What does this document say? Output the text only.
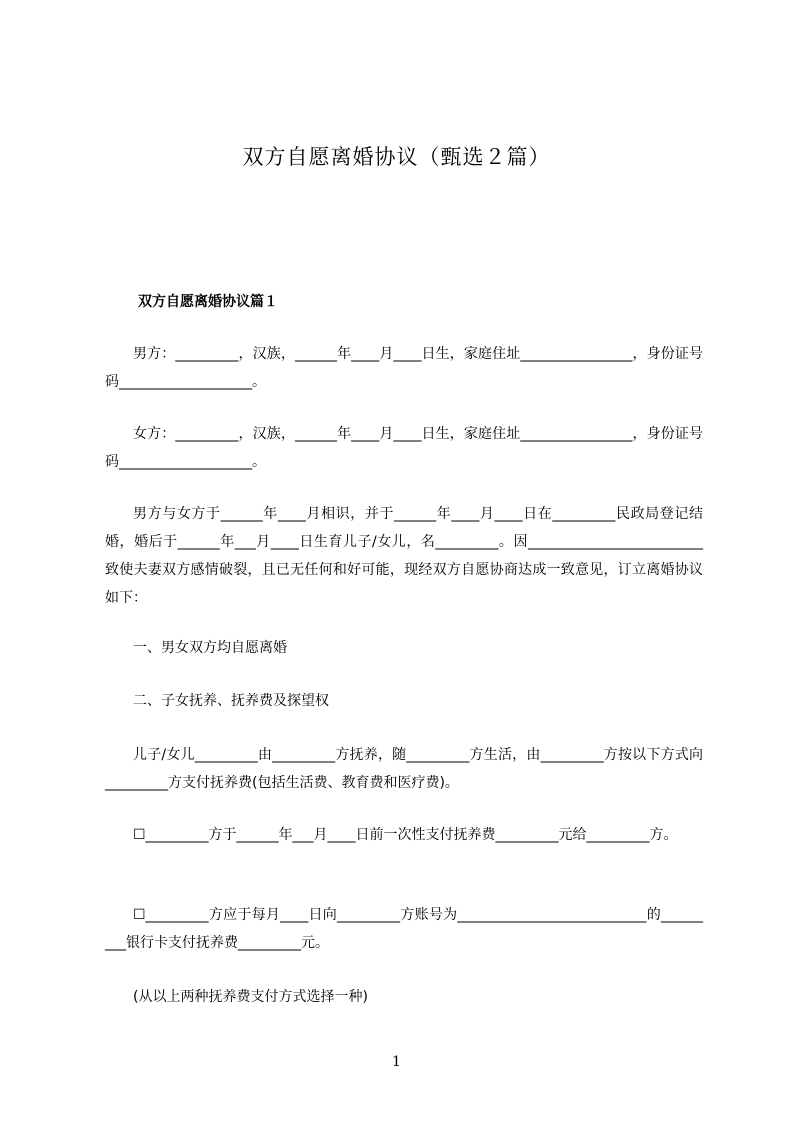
双方自愿离婚协议（甄选２篇）
双方自愿离婚协议篇１
男方：_________，汉族，______年____月____日生，家庭住址________________，身份证号码___________________。
女方：_________，汉族，______年____月____日生，家庭住址________________，身份证号码___________________。
男方与女方于______年____月相识，并于______年____月____日在_________民政局登记结婚，婚后于______年___月____日生育儿子/女儿，名_________。因_________________________致使夫妻双方感情破裂，且已无任何和好可能，现经双方自愿协商达成一致意见，订立离婚协议如下：
一、男女双方均自愿离婚
二、子女抚养、抚养费及探望权
儿子/女儿_________由_________方抚养，随_________方生活，由_________方按以下方式向_________方支付抚养费(包括生活费、教育费和医疗费)。
☐_________方于______年___月____日前一次性支付抚养费_________元给_________方。
☐_________方应于每月____日向_________方账号为___________________________的_________银行卡支付抚养费_________元。
(从以上两种抚养费支付方式选择一种)
1
